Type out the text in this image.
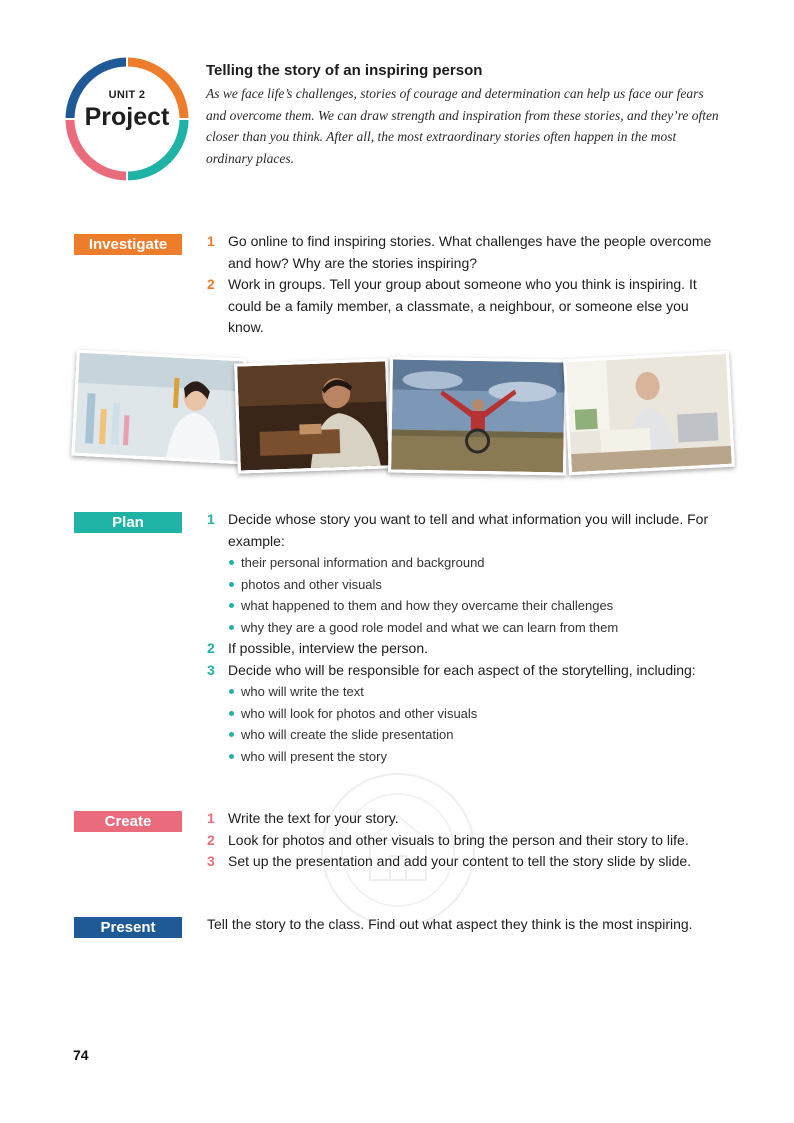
UNIT 2
Project
Telling the story of an inspiring person

As we face life’s challenges, stories of courage and determination can help us face our fears and overcome them. We can draw strength and inspiration from these stories, and they’re often closer than you think. After all, the most extraordinary stories often happen in the most ordinary places.

Investigate	1 Go online to find inspiring stories. What challenges have the people overcome and how? Why are the stories inspiring?
2 Work in groups. Tell your group about someone who you think is inspiring. It could be a family member, a classmate, a neighbour, or someone else you know.
Plan	1 Decide whose story you want to tell and what information you will include. For example:
their personal information and background
photos and other visuals
what happened to them and how they overcame their challenges
why they are a good role model and what we can learn from them
2 If possible, interview the person.
3 Decide who will be responsible for each aspect of the storytelling, including:
who will write the text
who will look for photos and other visuals
who will create the slide presentation
who will present the story
Create	1 Write the text for your story.
2 Look for photos and other visuals to bring the person and their story to life.
3 Set up the presentation and add your content to tell the story slide by slide.
Present	Tell the story to the class. Find out what aspect they think is the most inspiring.
74
